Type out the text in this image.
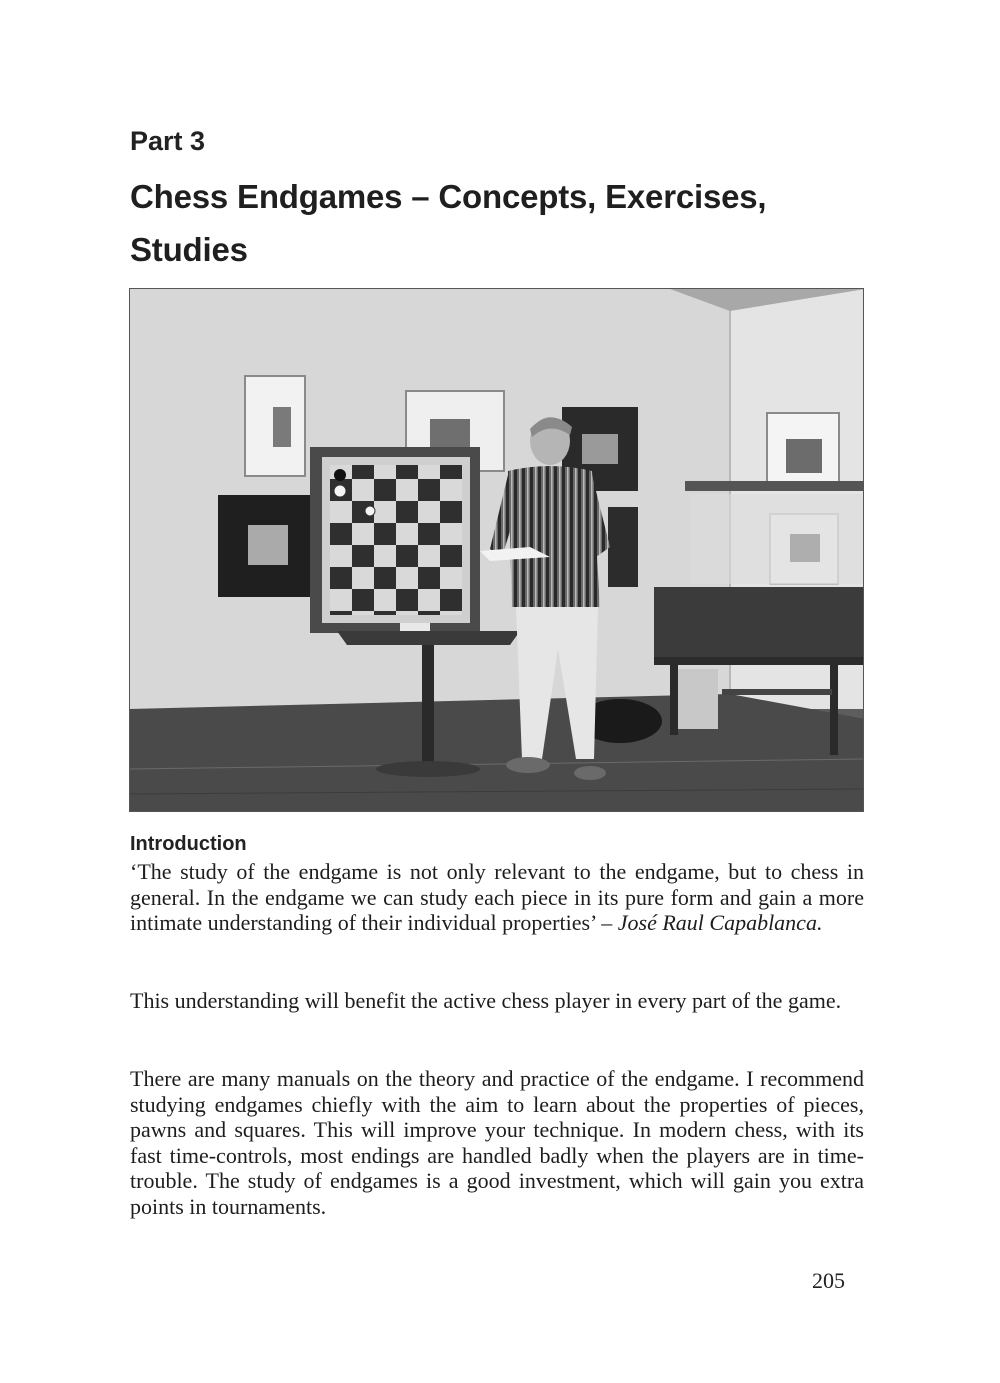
Part 3
Chess Endgames – Concepts, Exercises, Studies
Introduction

‘The study of the endgame is not only relevant to the endgame, but to chess in general. In the endgame we can study each piece in its pure form and gain a more intimate understanding of their individual properties’ – José Raul Capablanca.

This understanding will benefit the active chess player in every part of the game.

There are many manuals on the theory and practice of the endgame. I recommend studying endgames chiefly with the aim to learn about the properties of pieces, pawns and squares. This will improve your technique. In modern chess, with its fast time-controls, most endings are handled badly when the players are in time-trouble. The study of endgames is a good investment, which will gain you extra points in tournaments.

205
